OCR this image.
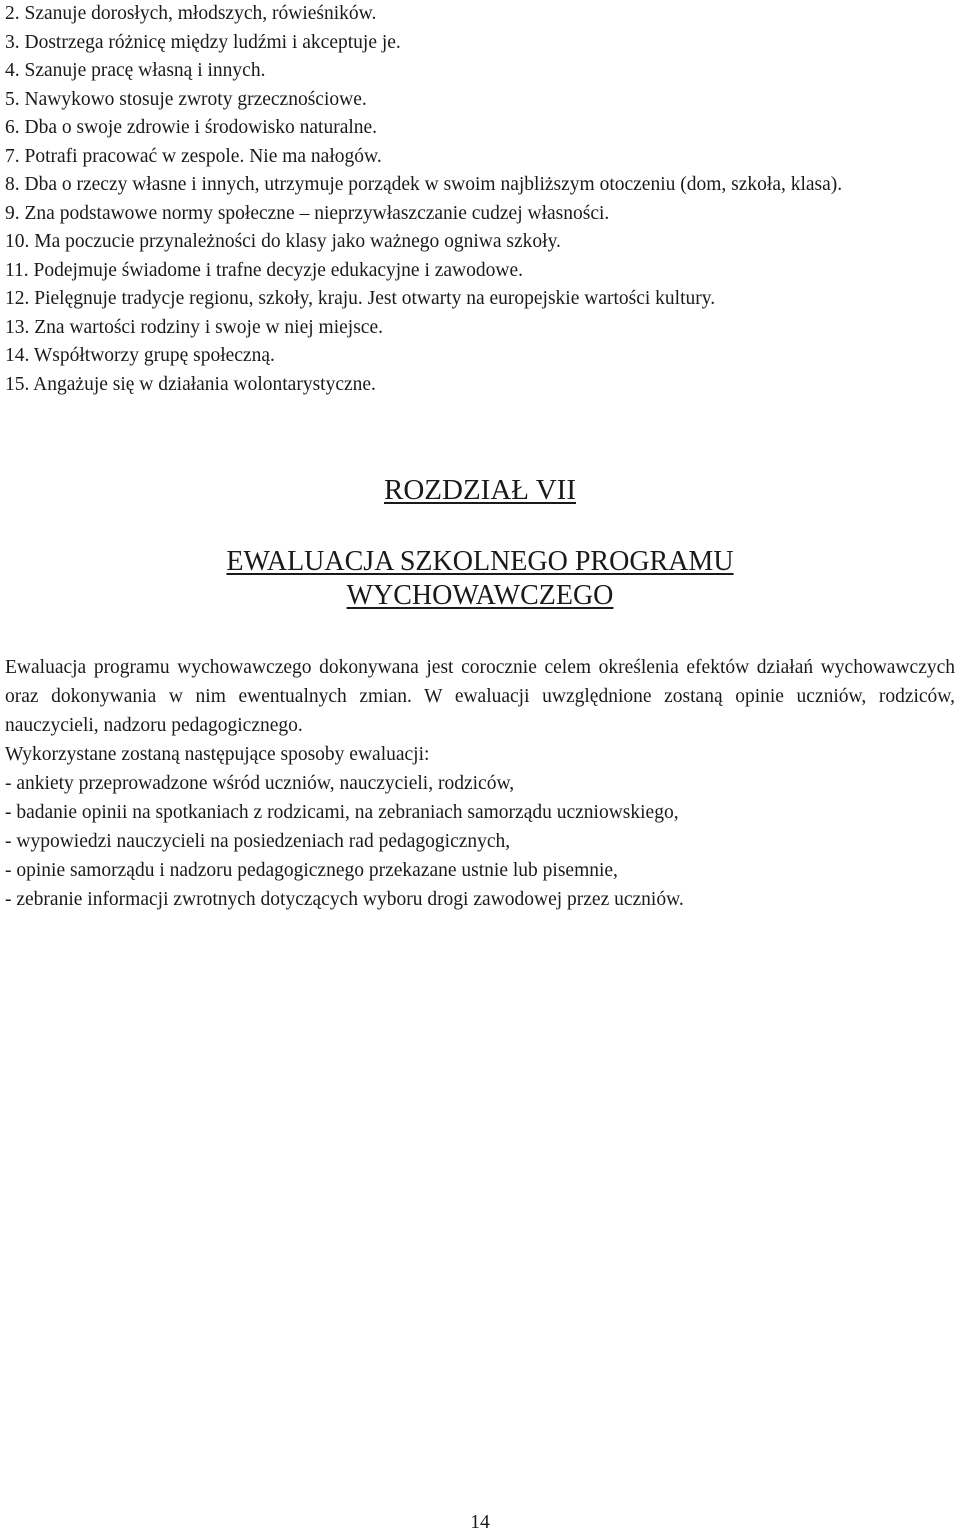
2. Szanuje dorosłych, młodszych, rówieśników.
3. Dostrzega różnicę między ludźmi i akceptuje je.
4. Szanuje pracę własną i innych.
5. Nawykowo stosuje zwroty grzecznościowe.
6. Dba o swoje zdrowie i środowisko naturalne.
7. Potrafi pracować w zespole. Nie ma nałogów.
8. Dba o rzeczy własne i innych, utrzymuje porządek w swoim najbliższym otoczeniu (dom, szkoła, klasa).
9. Zna podstawowe normy społeczne – nieprzywłaszczanie cudzej własności.
10. Ma poczucie przynależności do klasy jako ważnego ogniwa szkoły.
11. Podejmuje świadome i trafne decyzje edukacyjne i zawodowe.
12. Pielęgnuje tradycje regionu, szkoły, kraju. Jest otwarty na europejskie wartości kultury.
13. Zna wartości rodziny i swoje w niej miejsce.
14. Współtworzy grupę społeczną.
15. Angażuje się w działania wolontarystyczne.
ROZDZIAŁ VII
EWALUACJA SZKOLNEGO PROGRAMU
WYCHOWAWCZEGO
Ewaluacja programu wychowawczego dokonywana jest corocznie celem określenia efektów działań wychowawczych oraz dokonywania w nim ewentualnych zmian. W ewaluacji uwzględnione zostaną opinie uczniów, rodziców, nauczycieli, nadzoru pedagogicznego.
Wykorzystane zostaną następujące sposoby ewaluacji:
- ankiety przeprowadzone wśród uczniów, nauczycieli, rodziców,
- badanie opinii na spotkaniach z rodzicami, na zebraniach samorządu uczniowskiego,
- wypowiedzi nauczycieli na posiedzeniach rad pedagogicznych,
- opinie samorządu i nadzoru pedagogicznego przekazane ustnie lub pisemnie,
- zebranie informacji zwrotnych dotyczących wyboru drogi zawodowej przez uczniów.
14
